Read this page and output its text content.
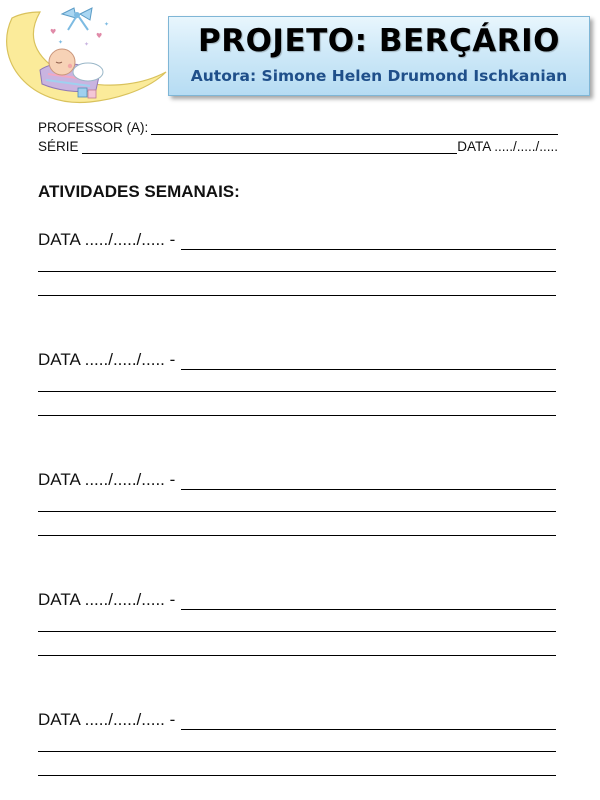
♥	♥
✦
✦	✦	PROJETO: BERÇÁRIO
Autora: Simone Helen Drumond Ischkanian
PROFESSOR (A):
SÉRIE	DATA ...../...../.....
ATIVIDADES SEMANAIS:
DATA ...../...../..... -
DATA ...../...../..... -
DATA ...../...../..... -
DATA ...../...../..... -
DATA ...../...../..... -
